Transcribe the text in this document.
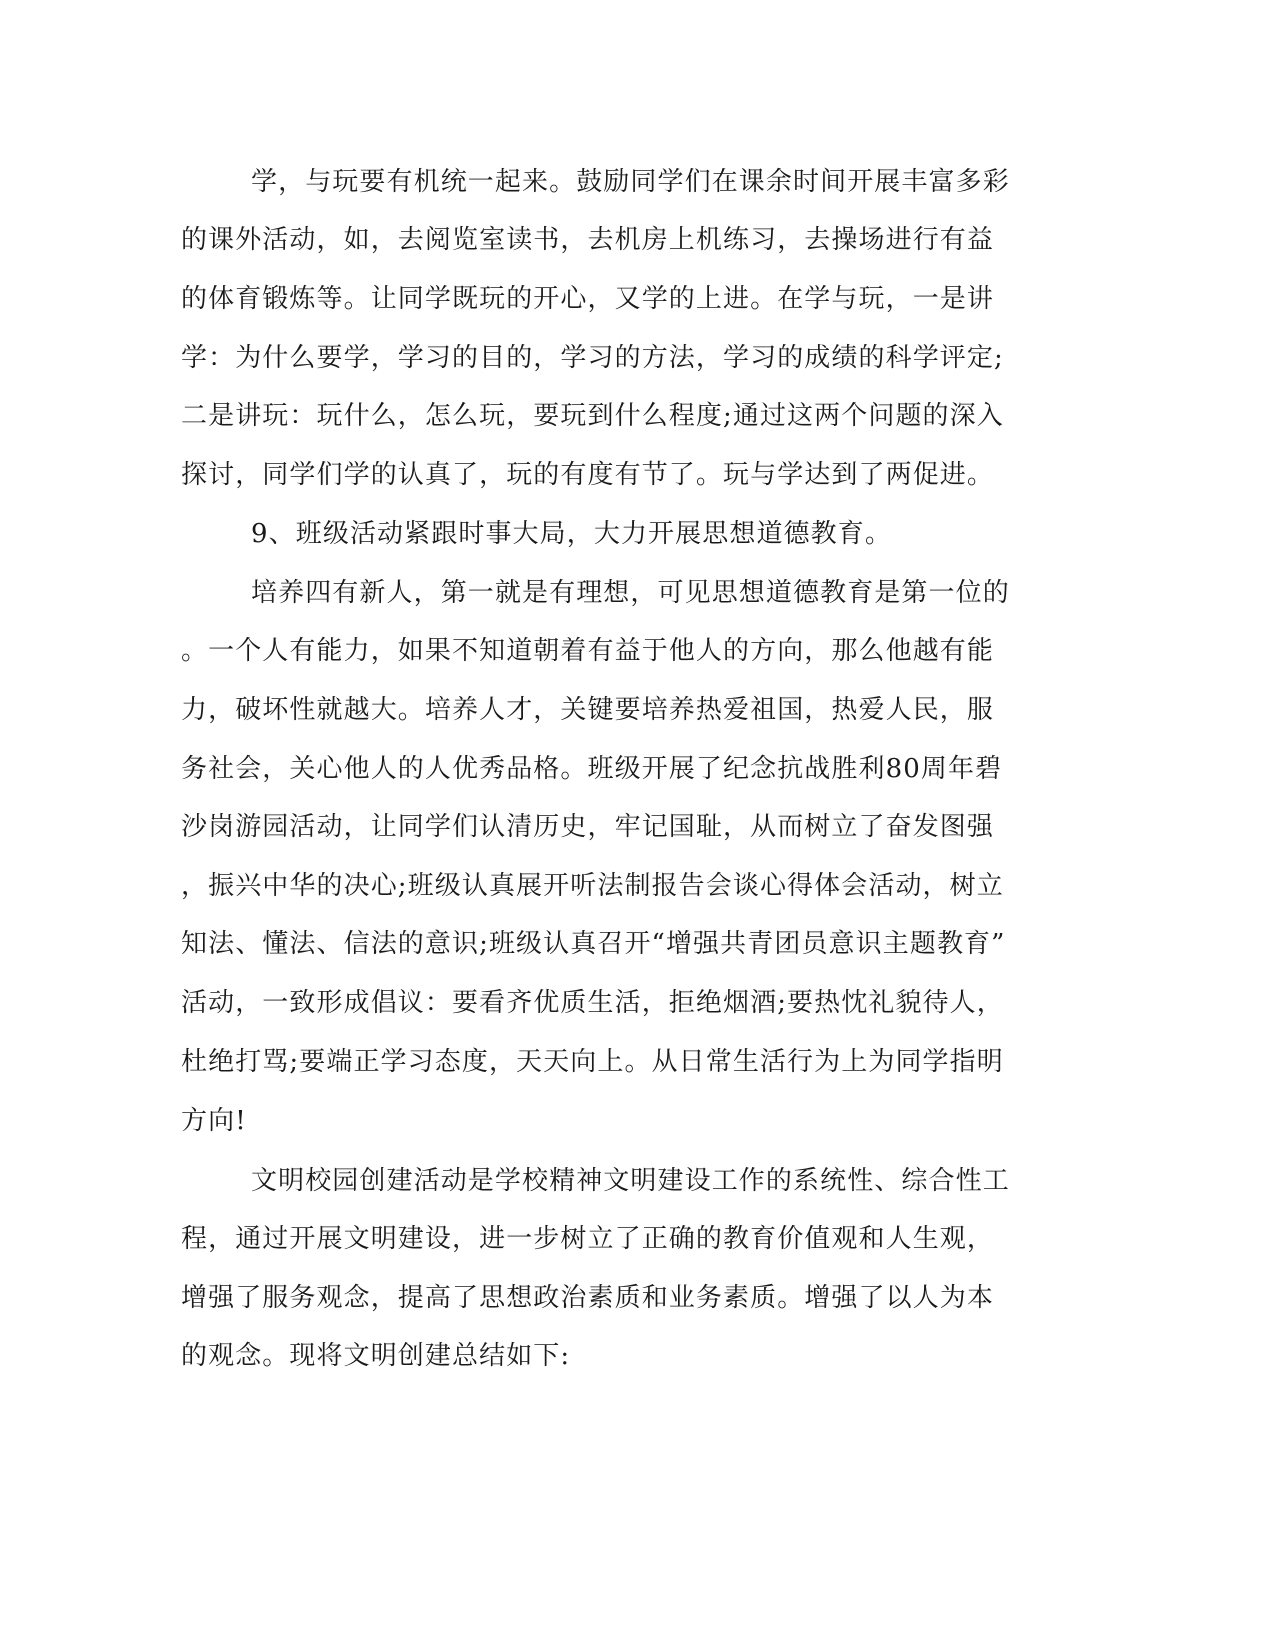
学，与玩要有机统一起来。鼓励同学们在课余时间开展丰富多彩
的课外活动，如，去阅览室读书，去机房上机练习，去操场进行有益
的体育锻炼等。让同学既玩的开心，又学的上进。在学与玩，一是讲
学：为什么要学，学习的目的，学习的方法，学习的成绩的科学评定;
二是讲玩：玩什么，怎么玩，要玩到什么程度;通过这两个问题的深入
探讨，同学们学的认真了，玩的有度有节了。玩与学达到了两促进。
9、班级活动紧跟时事大局，大力开展思想道德教育。
培养四有新人，第一就是有理想，可见思想道德教育是第一位的
。一个人有能力，如果不知道朝着有益于他人的方向，那么他越有能
力，破坏性就越大。培养人才，关键要培养热爱祖国，热爱人民，服
务社会，关心他人的人优秀品格。班级开展了纪念抗战胜利80周年碧
沙岗游园活动，让同学们认清历史，牢记国耻，从而树立了奋发图强
，振兴中华的决心;班级认真展开听法制报告会谈心得体会活动，树立
知法、懂法、信法的意识;班级认真召开“增强共青团员意识主题教育”
活动，一致形成倡议：要看齐优质生活，拒绝烟酒;要热忱礼貌待人，
杜绝打骂;要端正学习态度，天天向上。从日常生活行为上为同学指明
方向!
文明校园创建活动是学校精神文明建设工作的系统性、综合性工
程，通过开展文明建设，进一步树立了正确的教育价值观和人生观，
增强了服务观念，提高了思想政治素质和业务素质。增强了以人为本
的观念。现将文明创建总结如下:
